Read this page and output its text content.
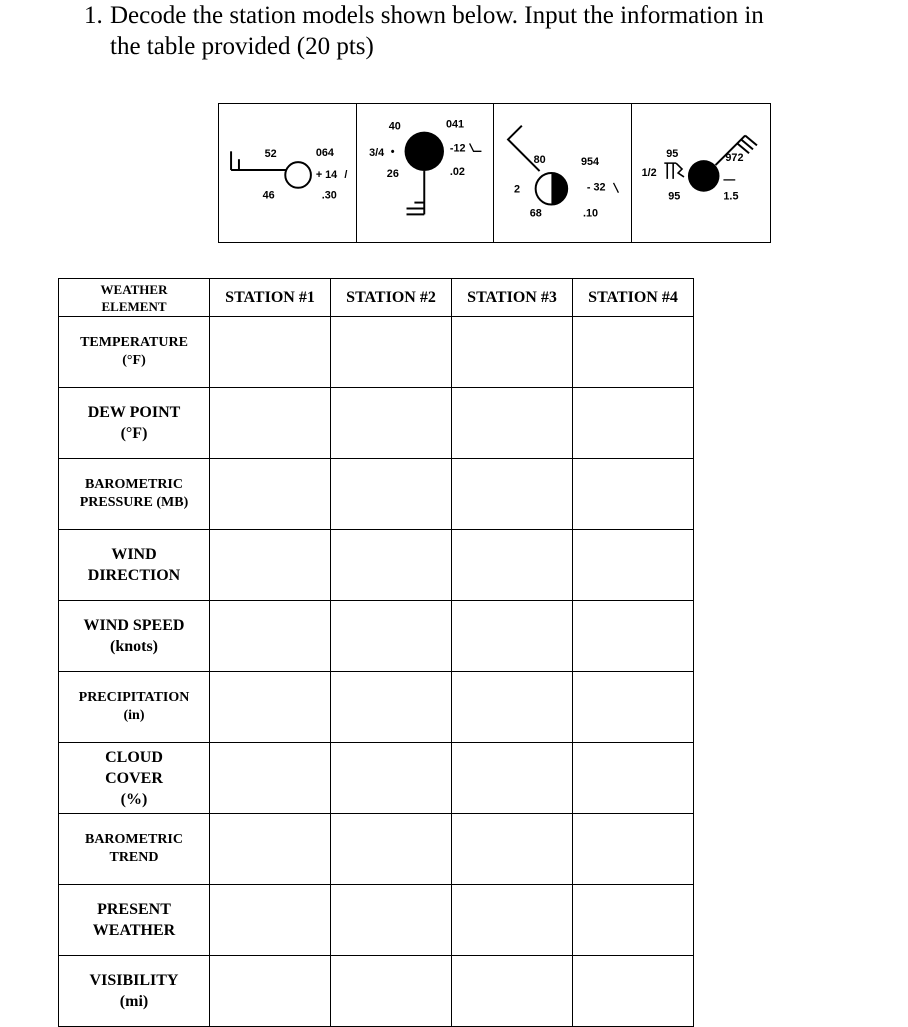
1. Decode the station models shown below. Input the information in
the table provided (20 pts)
52
46
064
+ 14 /
.30
40
3/4 •
26
041
-12
.02
80
2
68
954
- 32
.10
95
1/2
95
972
1.5
WEATHER
ELEMENT	STATION #1	STATION #2	STATION #3	STATION #4

TEMPERATURE
(°F)				

DEW POINT
(°F)				

BAROMETRIC
PRESSURE (MB)				

WIND
DIRECTION				

WIND SPEED
(knots)				

PRECIPITATION
(in)				

CLOUD
COVER
(%)				

BAROMETRIC
TREND				

PRESENT
WEATHER				

VISIBILITY
(mi)				
